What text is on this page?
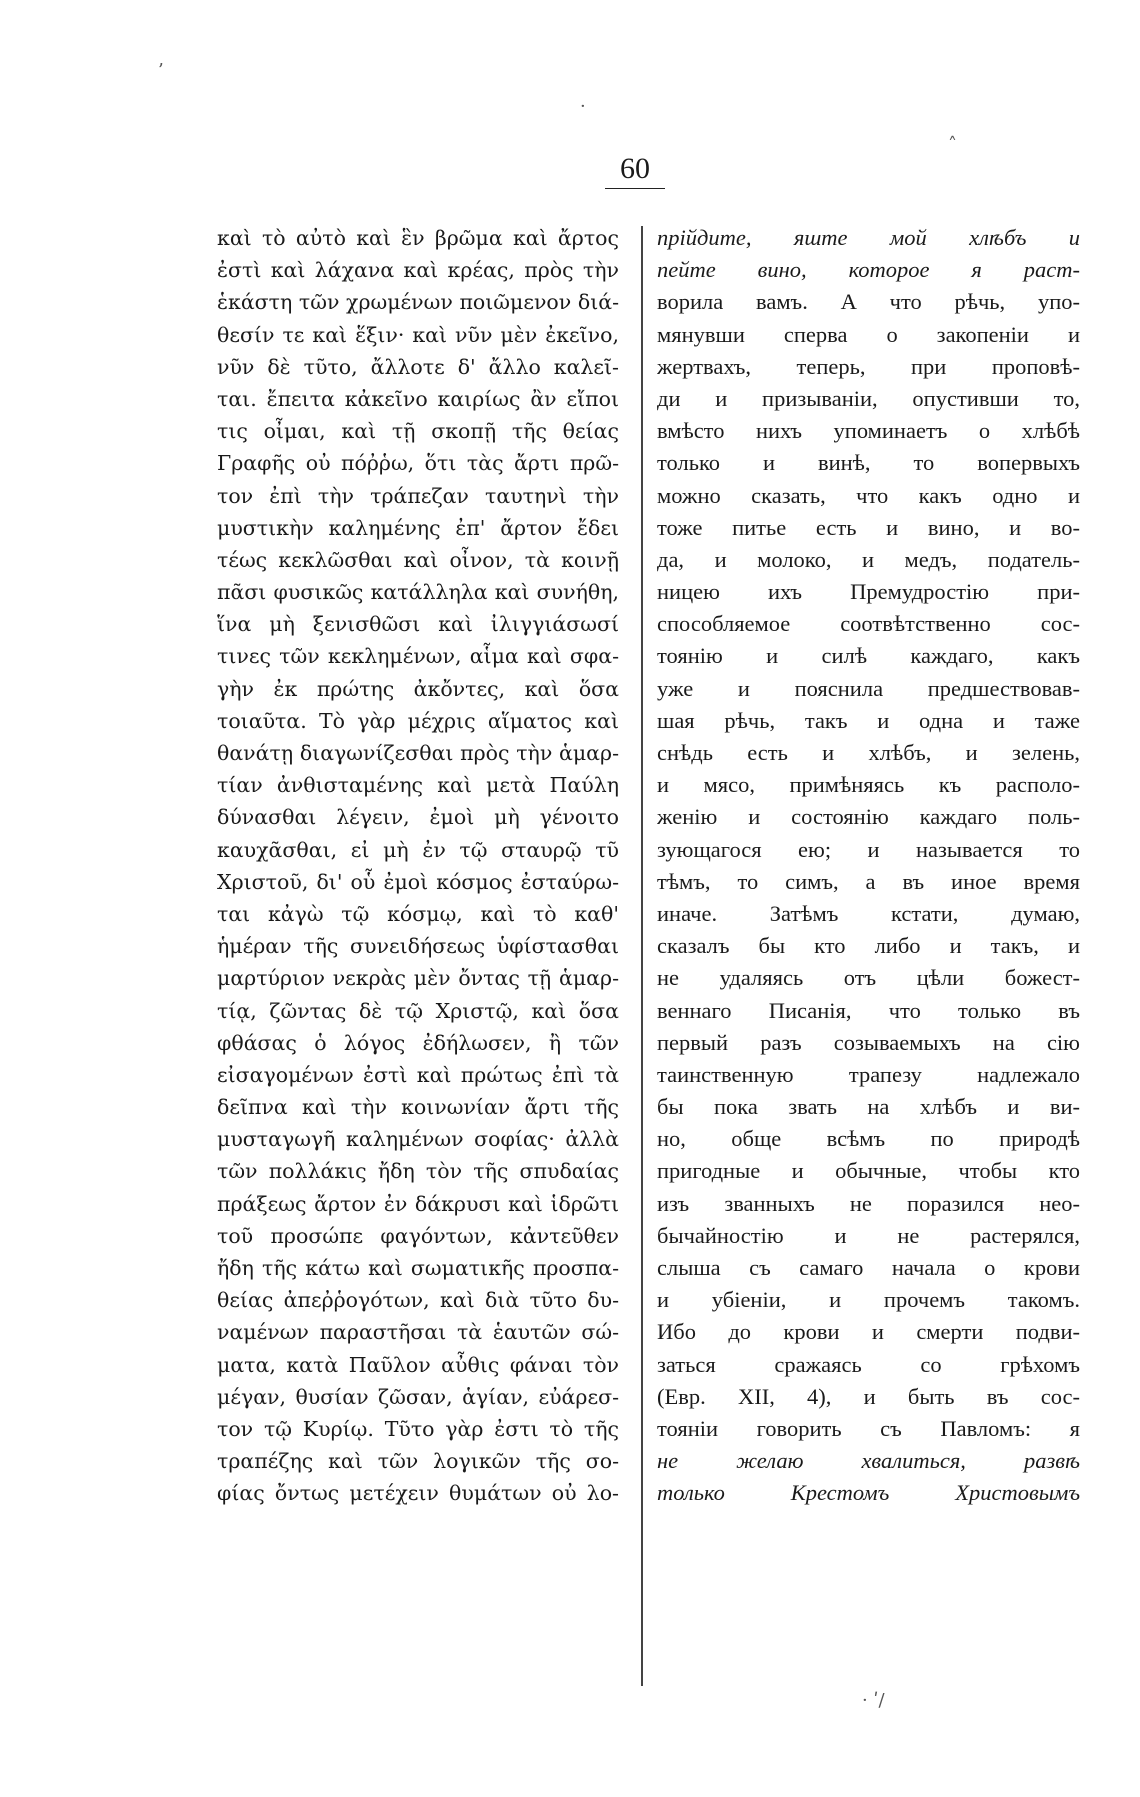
60
’
·
˄
καὶ τὸ αὐτὸ καὶ ἓν βρῶμα καὶ ἄρτος
ἐστὶ καὶ λάχανα καὶ κρέας, πρὸς τὴν
ἑκάστη τῶν χρωμένων ποιῶμενον διά-
θεσίν τε καὶ ἕξιν· καὶ νῦν μὲν ἐκεῖνο,
νῦν δὲ τῦτο, ἄλλοτε δ' ἄλλο καλεῖ-
ται. ἔπειτα κἀκεῖνο καιρίως ἂν εἴποι
τις οἶμαι, καὶ τῇ σκοπῇ τῆς θείας
Γραφῆς οὐ πόῤῥω, ὅτι τὰς ἄρτι πρῶ-
τον ἐπὶ τὴν τράπεζαν ταυτηνὶ τὴν
μυστικὴν καλημένης ἐπ' ἄρτον ἔδει
τέως κεκλῶσθαι καὶ οἶνον, τὰ κοινῇ
πᾶσι φυσικῶς κατάλληλα καὶ συνήθη,
ἵνα μὴ ξενισθῶσι καὶ ἰλιγγιάσωσί
τινες τῶν κεκλημένων, αἷμα καὶ σφα-
γὴν ἐκ πρώτης ἀκὄντες, καὶ ὅσα
τοιαῦτα. Τὸ γὰρ μέχρις αἵματος καὶ
θανάτῃ διαγωνίζεσθαι πρὸς τὴν ἁμαρ-
τίαν ἀνθισταμένης καὶ μετὰ Παύλη
δύνασθαι λέγειν, ἐμοὶ μὴ γένοιτο
καυχᾶσθαι, εἰ μὴ ἐν τῷ σταυρῷ τῦ
Χριστοῦ, δι' οὗ ἐμοὶ κόσμος ἐσταύρω-
ται κἀγὼ τῷ κόσμῳ, καὶ τὸ καθ'
ἡμέραν τῆς συνειδήσεως ὑφίστασθαι
μαρτύριον νεκρὰς μὲν ὄντας τῇ ἁμαρ-
τίᾳ, ζῶντας δὲ τῷ Χριστῷ, καὶ ὅσα
φθάσας ὁ λόγος ἐδήλωσεν, ἢ τῶν
εἰσαγομένων ἐστὶ καὶ πρώτως ἐπὶ τὰ
δεῖπνα καὶ τὴν κοινωνίαν ἄρτι τῆς
μυσταγωγῆ καλημένων σοφίας· ἀλλὰ
τῶν πολλάκις ἤδη τὸν τῆς σπυδαίας
πράξεως ἄρτον ἐν δάκρυσι καὶ ἱδρῶτι
τοῦ προσώπε φαγόντων, κἀντεῦθεν
ἤδη τῆς κάτω καὶ σωματικῆς προσπα-
θείας ἀπεῤῥογότων, καὶ διὰ τῦτο δυ-
ναμένων παραστῆσαι τὰ ἑαυτῶν σώ-
ματα, κατὰ Παῦλον αὖθις φάναι τὸν
μέγαν, θυσίαν ζῶσαν, ἁγίαν, εὐάρεσ-
τον τῷ Κυρίῳ. Τῦτο γὰρ ἐστι τὸ τῆς
τραπέζης καὶ τῶν λογικῶν τῆς σο-
φίας ὄντως μετέχειν θυμάτων οὐ λο-
прійдите, яште мой хлѣбъ и
пейте вино, которое я раст-
ворила вамъ. А что рѣчь, упо-
мянувши сперва о закопеніи и
жертвахъ, теперь, при проповѣ-
ди и призываніи, опустивши то,
вмѣсто нихъ упоминаетъ о хлѣбѣ
только и винѣ, то вопервыхъ
можно сказать, что какъ одно и
тоже питье есть и вино, и во-
да, и молоко, и медъ, податель-
ницею ихъ Премудростію при-
способляемое соотвѣтственно сос-
тоянію и силѣ каждаго, какъ
уже и пояснила предшествовав-
шая рѣчь, такъ и одна и таже
снѣдь есть и хлѣбъ, и зелень,
и мясо, примѣняясь къ располо-
женію и состоянію каждаго поль-
зующагося ею; и называется то
тѣмъ, то симъ, а въ иное время
иначе. Затѣмъ кстати, думаю,
сказалъ бы кто либо и такъ, и
не удаляясь отъ цѣли божест-
веннаго Писанія, что только въ
первый разъ созываемыхъ на сію
таинственную трапезу надлежало
бы пока звать на хлѣбъ и ви-
но, обще всѣмъ по природѣ
пригодные и обычные, чтобы кто
изъ званныхъ не поразился нео-
бычайностію и не растерялся,
слыша съ самаго начала о крови
и убіеніи, и прочемъ такомъ.
Ибо до крови и смерти подви-
заться сражаясь со грѣхомъ
(Евр. XII, 4), и быть въ сос-
тояніи говорить съ Павломъ: я
не желаю хвалиться, развѣ
только Крестомъ Христовымъ
· ʹ/
